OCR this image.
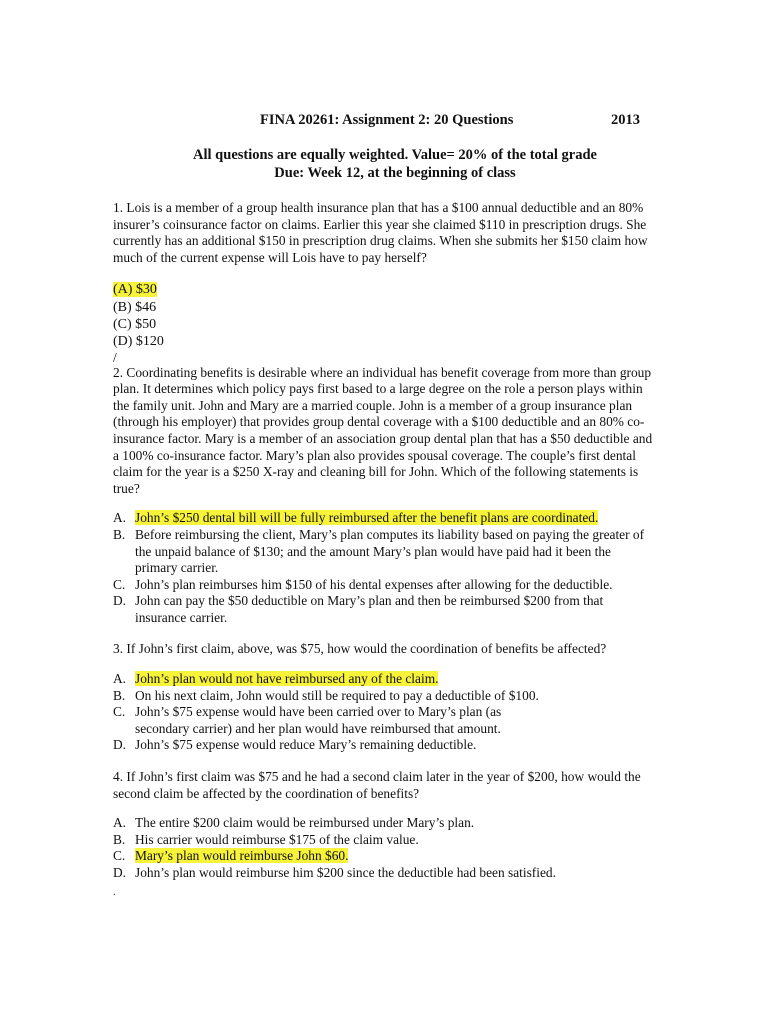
FINA 20261: Assignment 2: 20 Questions	2013
All questions are equally weighted. Value= 20% of the total grade
Due: Week 12, at the beginning of class

1. Lois is a member of a group health insurance plan that has a $100 annual deductible and an 80% insurer’s coinsurance factor on claims. Earlier this year she claimed $110 in prescription drugs. She currently has an additional $150 in prescription drug claims. When she submits her $150 claim how much of the current expense will Lois have to pay herself?

(A) $30

(B) $46

(C) $50

(D) $120

/

2. Coordinating benefits is desirable where an individual has benefit coverage from more than group plan. It determines which policy pays first based to a large degree on the role a person plays within the family unit. John and Mary are a married couple. John is a member of a group insurance plan (through his employer) that provides group dental coverage with a $100 deductible and an 80% co-insurance factor. Mary is a member of an association group dental plan that has a $50 deductible and a 100% co-insurance factor. Mary’s plan also provides spousal coverage. The couple’s first dental claim for the year is a $250 X-ray and cleaning bill for John. Which of the following statements is true?

A. John’s $250 dental bill will be fully reimbursed after the benefit plans are coordinated.
B. Before reimbursing the client, Mary’s plan computes its liability based on paying the greater of the unpaid balance of $130; and the amount Mary’s plan would have paid had it been the primary carrier.
C. John’s plan reimburses him $150 of his dental expenses after allowing for the deductible.
D. John can pay the $50 deductible on Mary’s plan and then be reimbursed $200 from that insurance carrier.

3. If John’s first claim, above, was $75, how would the coordination of benefits be affected?

A. John’s plan would not have reimbursed any of the claim.
B. On his next claim, John would still be required to pay a deductible of $100.
C. John’s $75 expense would have been carried over to Mary’s plan (as secondary carrier) and her plan would have reimbursed that amount.
D. John’s $75 expense would reduce Mary’s remaining deductible.

4. If John’s first claim was $75 and he had a second claim later in the year of $200, how would the second claim be affected by the coordination of benefits?

A. The entire $200 claim would be reimbursed under Mary’s plan.
B. His carrier would reimburse $175 of the claim value.
C. Mary’s plan would reimburse John $60.
D. John’s plan would reimburse him $200 since the deductible had been satisfied.

.
